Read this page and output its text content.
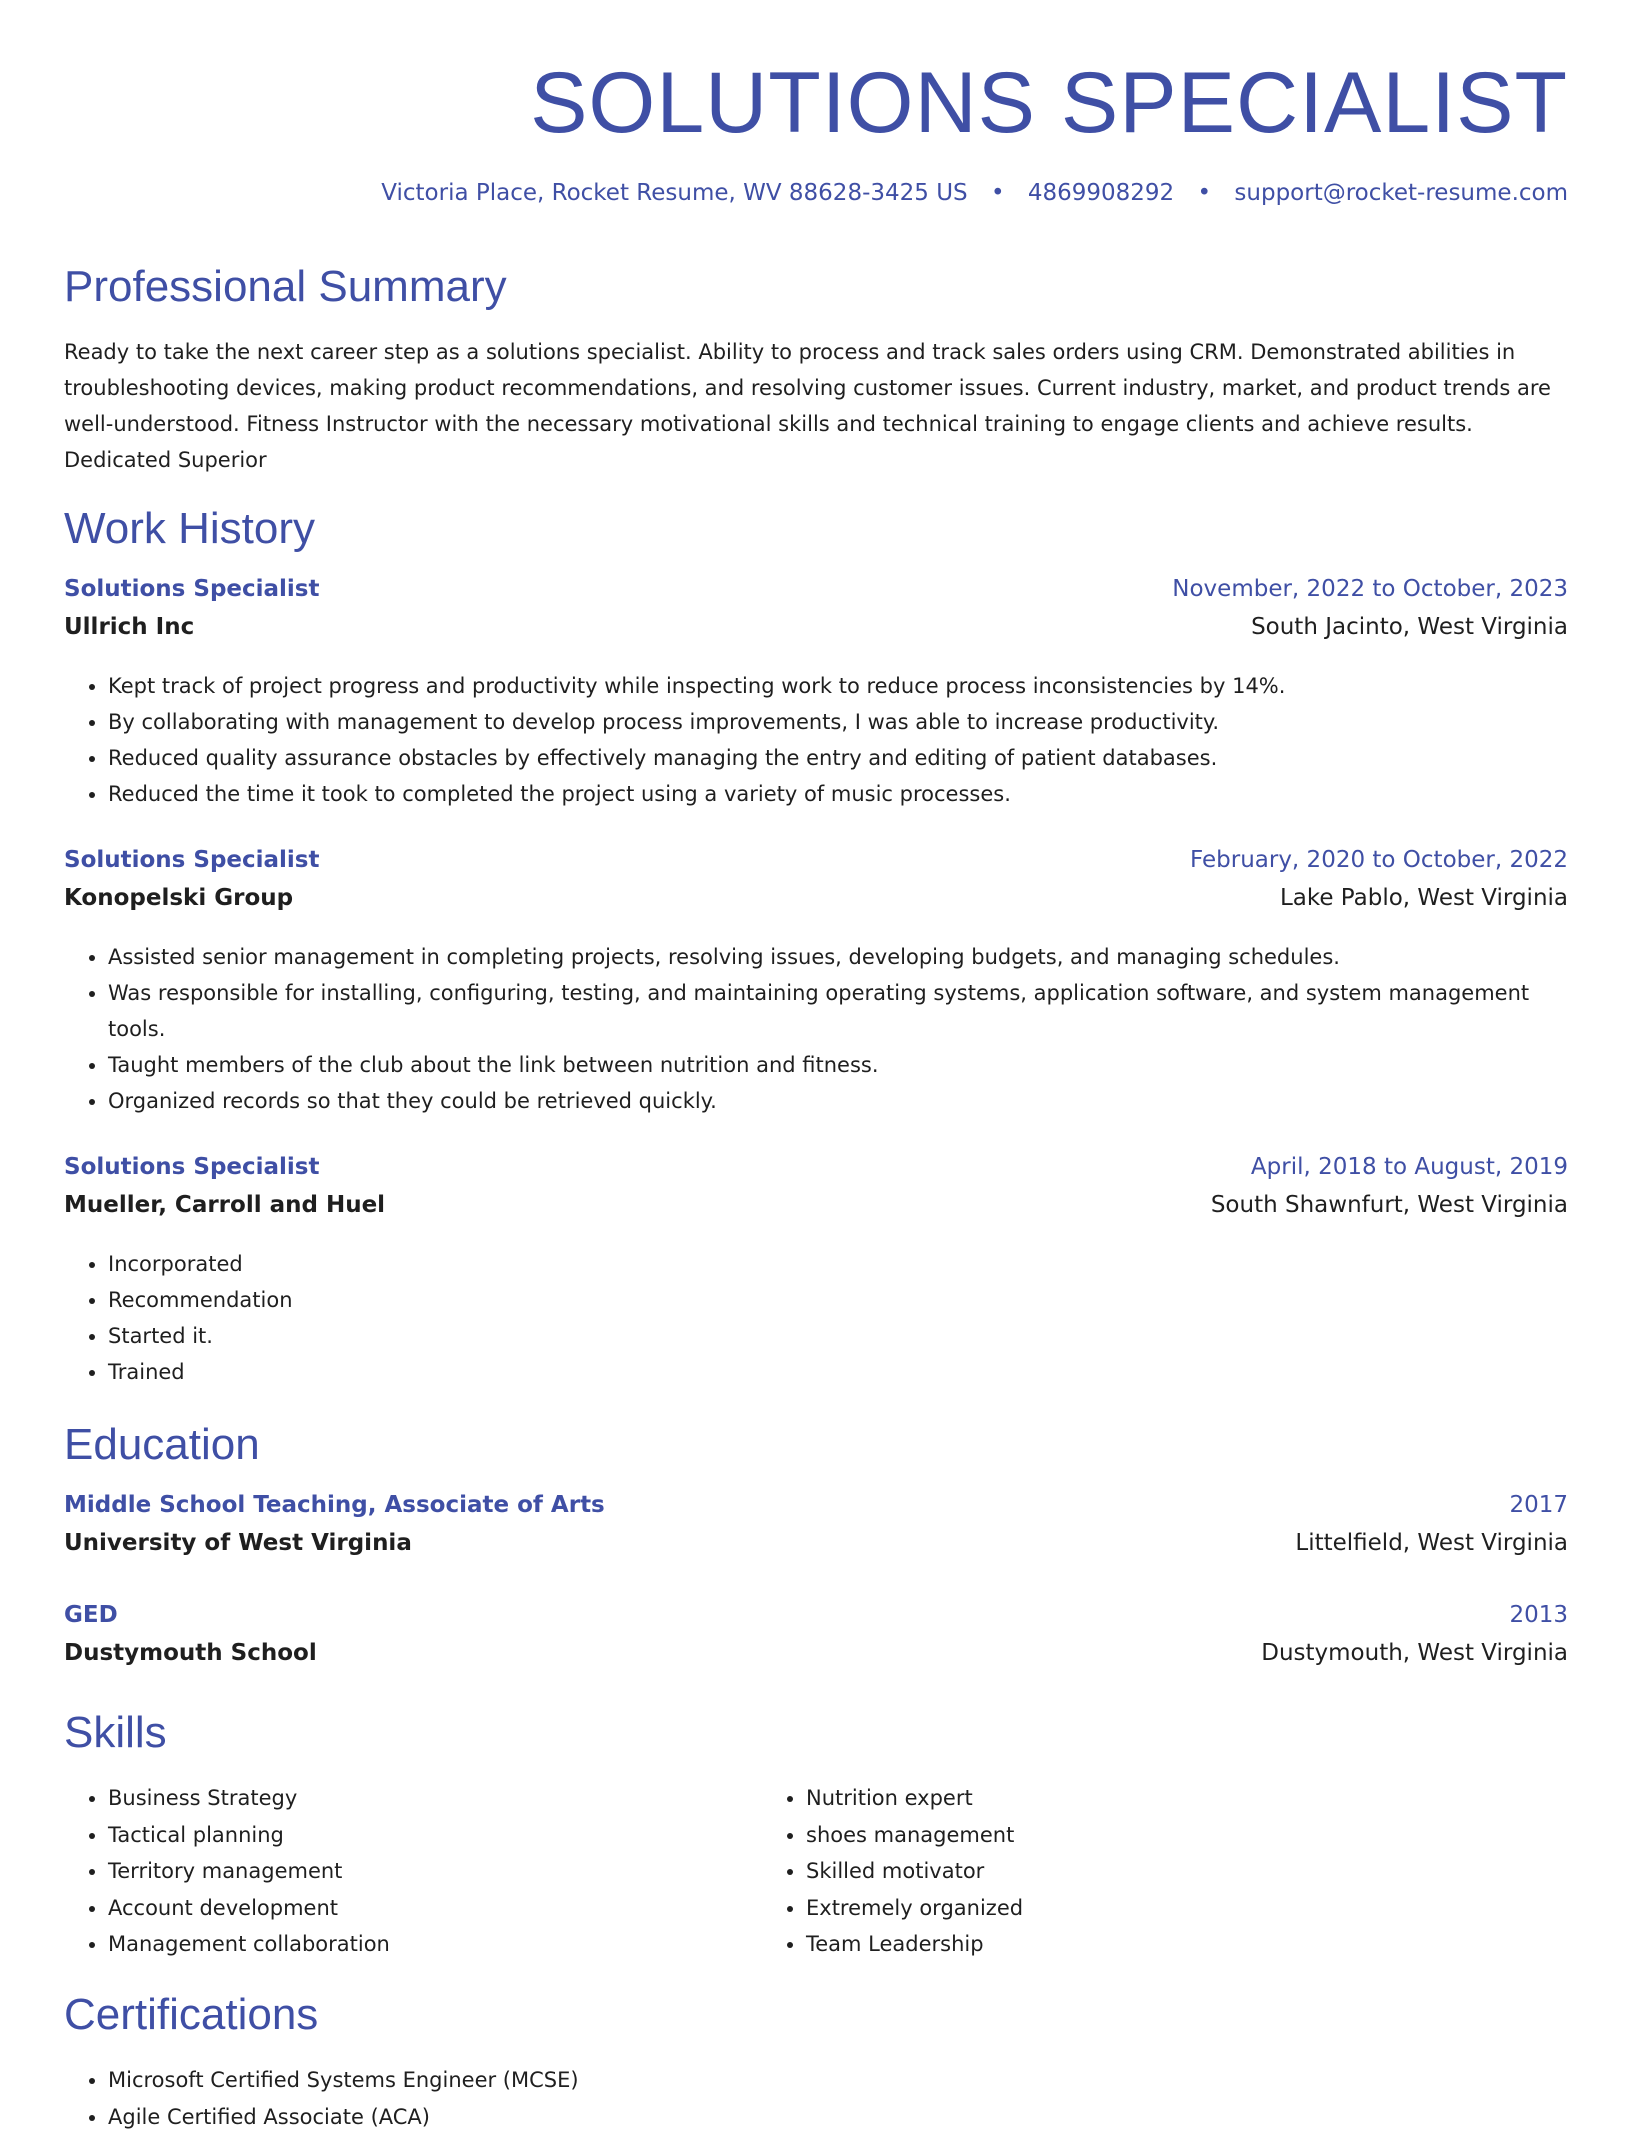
SOLUTIONS SPECIALIST
Victoria Place, Rocket Resume, WV 88628-3425 US • 4869908292 • support@rocket-resume.com
Professional Summary

Ready to take the next career step as a solutions specialist. Ability to process and track sales orders using CRM. Demonstrated abilities in troubleshooting devices, making product recommendations, and resolving customer issues. Current industry, market, and product trends are well-understood. Fitness Instructor with the necessary motivational skills and technical training to engage clients and achieve results. Dedicated Superior

Work History
Solutions Specialist	November, 2022 to October, 2023
Ullrich Inc	South Jacinto, West Virginia
• Kept track of project progress and productivity while inspecting work to reduce process inconsistencies by 14%.
• By collaborating with management to develop process improvements, I was able to increase productivity.
• Reduced quality assurance obstacles by effectively managing the entry and editing of patient databases.
• Reduced the time it took to completed the project using a variety of music processes.
Solutions Specialist	February, 2020 to October, 2022
Konopelski Group	Lake Pablo, West Virginia
• Assisted senior management in completing projects, resolving issues, developing budgets, and managing schedules.
• Was responsible for installing, configuring, testing, and maintaining operating systems, application software, and system management tools.
• Taught members of the club about the link between nutrition and fitness.
• Organized records so that they could be retrieved quickly.
Solutions Specialist	April, 2018 to August, 2019
Mueller, Carroll and Huel	South Shawnfurt, West Virginia
• Incorporated
• Recommendation
• Started it.
• Trained
Education
Middle School Teaching, Associate of Arts	2017
University of West Virginia	Littelfield, West Virginia
GED	2013
Dustymouth School	Dustymouth, West Virginia
Skills
• Business Strategy
• Tactical planning
• Territory management
• Account development
• Management collaboration
• Nutrition expert
• shoes management
• Skilled motivator
• Extremely organized
• Team Leadership
Certifications
• Microsoft Certified Systems Engineer (MCSE)
• Agile Certified Associate (ACA)
